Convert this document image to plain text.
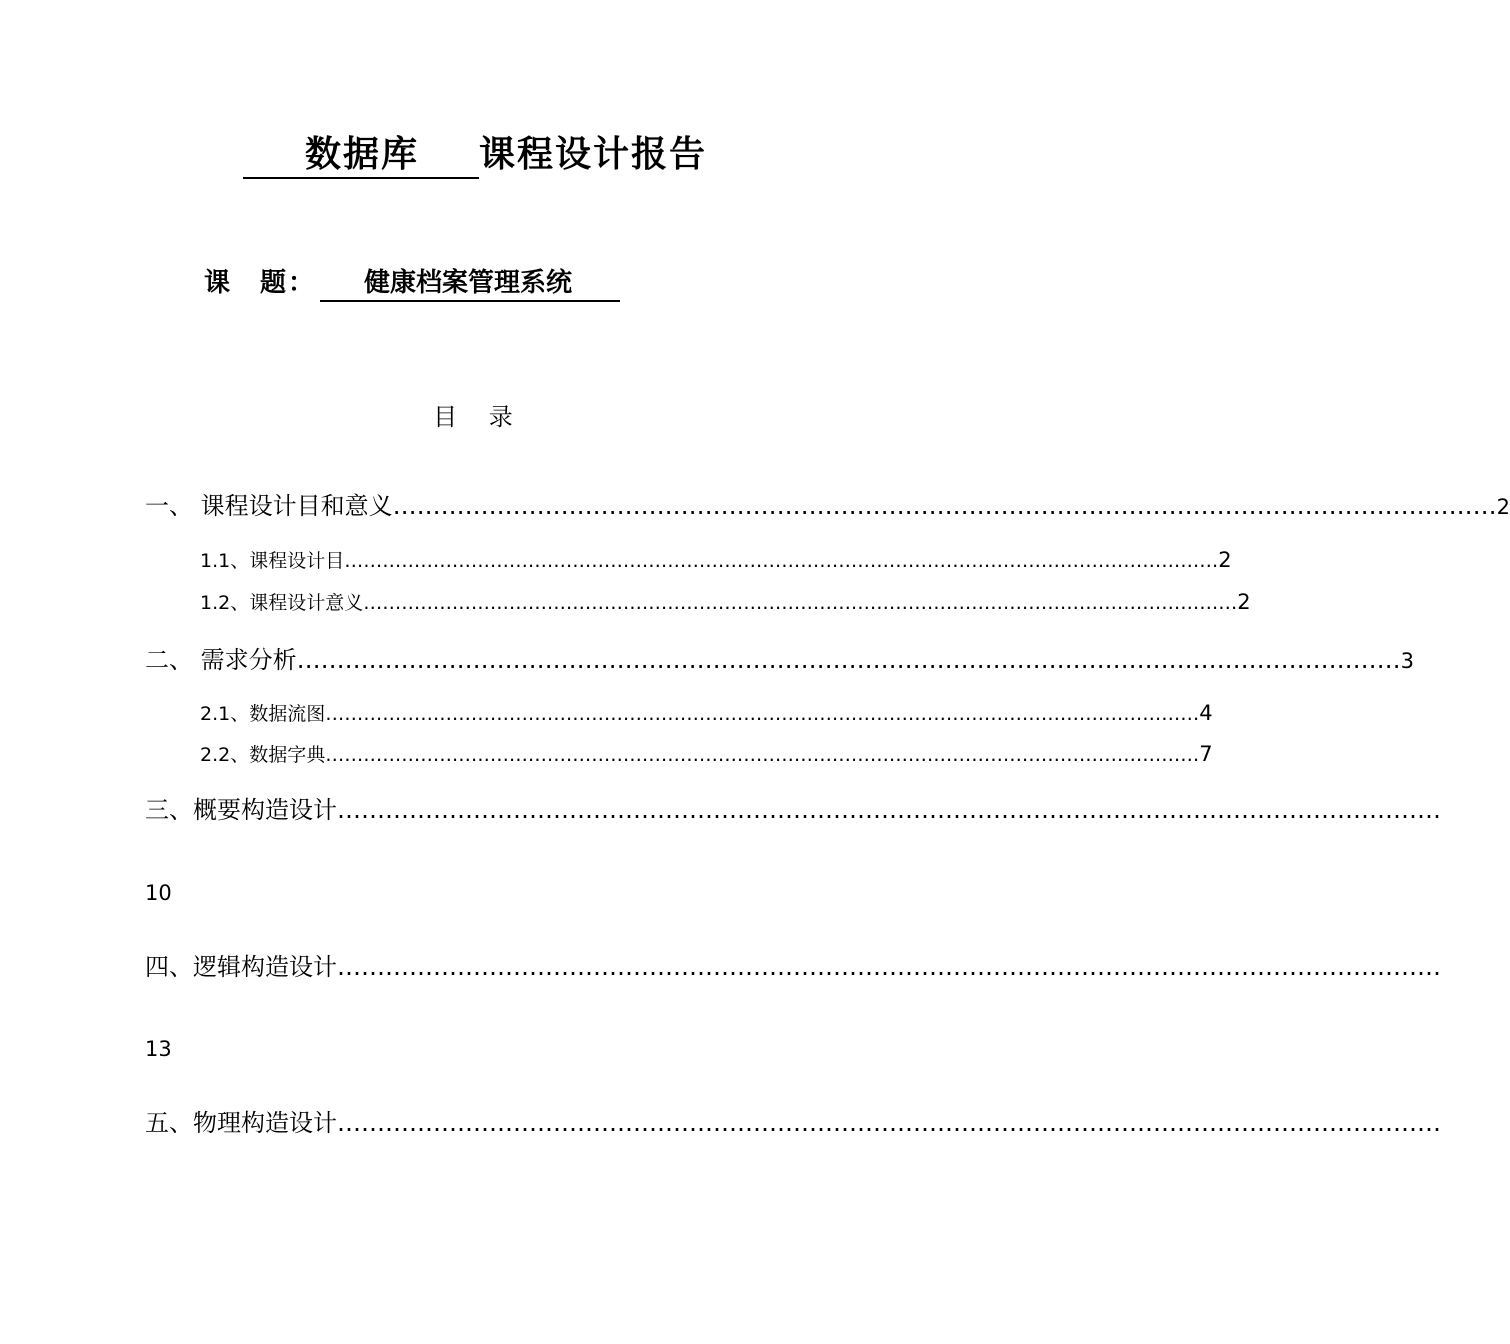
数据库 课程设计报告
课　题： 健康档案管理系统
目 录
一、 课程设计目和意义 ………………………………………………………………………………………………………………………… 2
1.1、课程设计目 ………………………………………………………………………………………………………………………… 2
1.2、课程设计意义 ………………………………………………………………………………………………………………………… 2
二、 需求分析 ………………………………………………………………………………………………………………………… 3
2.1、数据流图 ………………………………………………………………………………………………………………………… 4
2.2、数据字典 ………………………………………………………………………………………………………………………… 7
三、概要构造设计 …………………………………………………………………………………………………………………………
10
四、逻辑构造设计 …………………………………………………………………………………………………………………………
13
五、物理构造设计 …………………………………………………………………………………………………………………………
